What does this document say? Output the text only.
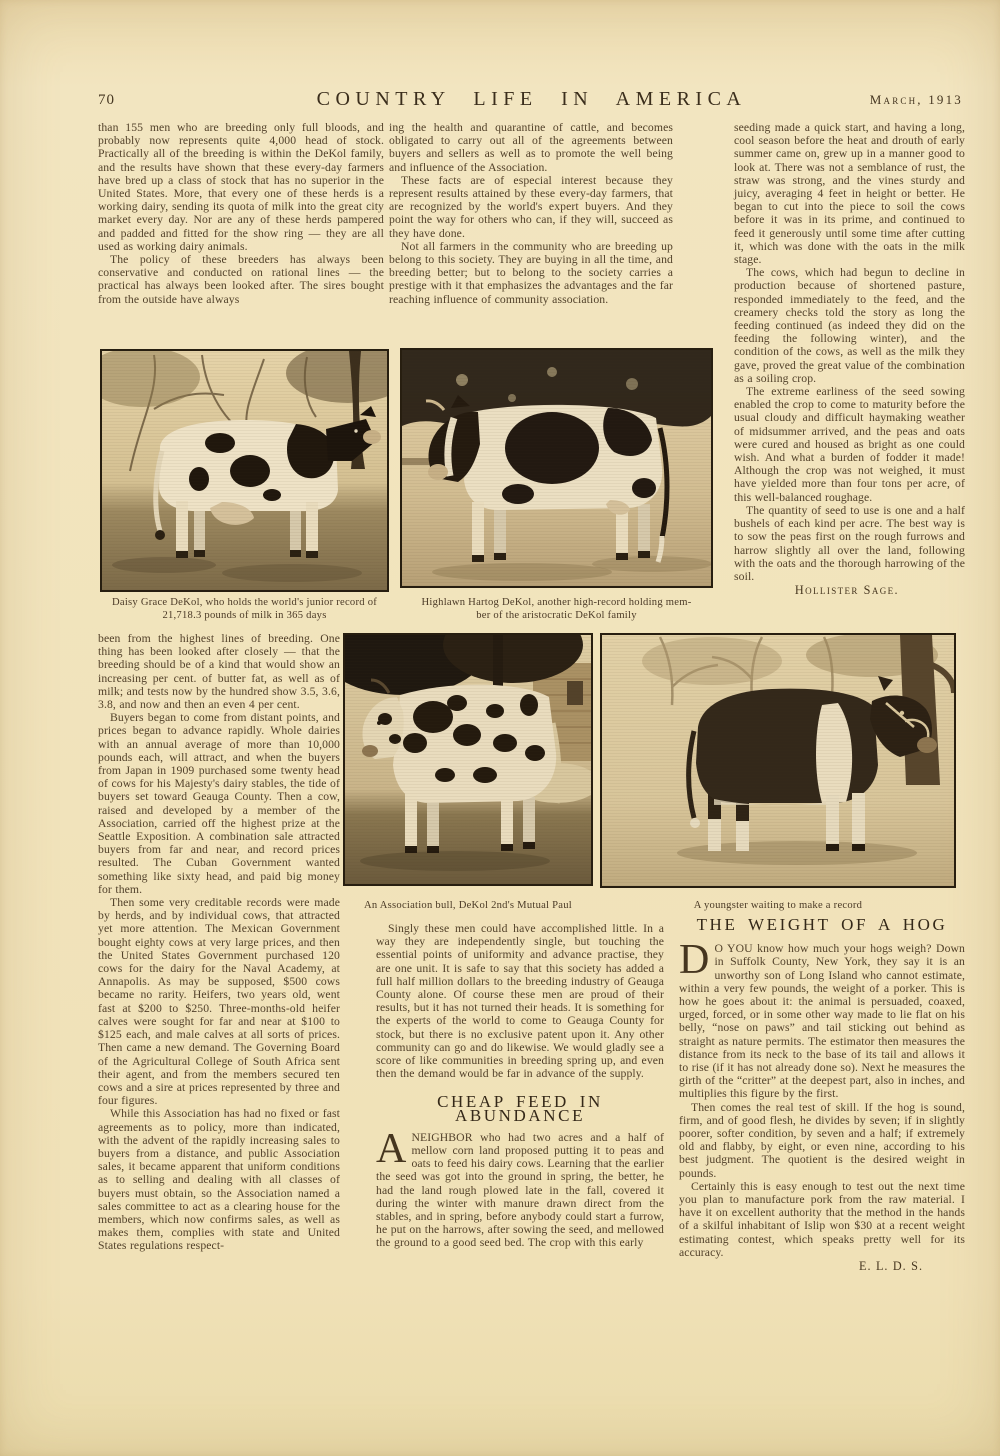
70	COUNTRY LIFE IN AMERICA	March, 1913

than 155 men who are breeding only full bloods, and probably now represents quite 4,000 head of stock. Practically all of the breeding is within the DeKol family, and the results have shown that these every-day farmers have bred up a class of stock that has no superior in the United States. More, that every one of these herds is a working dairy, sending its quota of milk into the great city market every day. Nor are any of these herds pampered and padded and fitted for the show ring — they are all used as working dairy animals.

The policy of these breeders has always been conservative and conducted on rational lines — the practical has always been looked after. The sires bought from the outside have always

ing the health and quarantine of cattle, and becomes obligated to carry out all of the agreements between buyers and sellers as well as to promote the well being and influence of the Association.

These facts are of especial interest because they represent results attained by these every-day farmers, that are recognized by the world's expert buyers. And they point the way for others who can, if they will, succeed as they have done.

Not all farmers in the community who are breeding up belong to this society. They are buying in all the time, and breeding better; but to belong to the society carries a prestige with it that emphasizes the advantages and the far reaching influence of community association.

seeding made a quick start, and having a long, cool season before the heat and drouth of early summer came on, grew up in a manner good to look at. There was not a semblance of rust, the straw was strong, and the vines sturdy and juicy, averaging 4 feet in height or better. He began to cut into the piece to soil the cows before it was in its prime, and continued to feed it generously until some time after cutting it, which was done with the oats in the milk stage.

The cows, which had begun to decline in production because of shortened pasture, responded immediately to the feed, and the creamery checks told the story as long the feeding continued (as indeed they did on the feeding the following winter), and the condition of the cows, as well as the milk they gave, proved the great value of the combination as a soiling crop.

The extreme earliness of the seed sowing enabled the crop to come to maturity before the usual cloudy and difficult haymaking weather of midsummer arrived, and the peas and oats were cured and housed as bright as one could wish. And what a burden of fodder it made! Although the crop was not weighed, it must have yielded more than four tons per acre, of this well-balanced roughage.

The quantity of seed to use is one and a half bushels of each kind per acre. The best way is to sow the peas first on the rough furrows and harrow slightly all over the land, following with the oats and the thorough harrowing of the soil.

Hollister Sage.
Daisy Grace DeKol, who holds the world's junior record of
21,718.3 pounds of milk in 365 days
Highlawn Hartog DeKol, another high-record holding mem-
ber of the aristocratic DeKol family

been from the highest lines of breeding. One thing has been looked after closely — that the breeding should be of a kind that would show an increasing per cent. of butter fat, as well as of milk; and tests now by the hundred show 3.5, 3.6, 3.8, and now and then an even 4 per cent.

Buyers began to come from distant points, and prices began to advance rapidly. Whole dairies with an annual average of more than 10,000 pounds each, will attract, and when the buyers from Japan in 1909 purchased some twenty head of cows for his Majesty's dairy stables, the tide of buyers set toward Geauga County. Then a cow, raised and developed by a member of the Association, carried off the highest prize at the Seattle Exposition. A combination sale attracted buyers from far and near, and record prices resulted. The Cuban Government wanted something like sixty head, and paid big money for them.

Then some very creditable records were made by herds, and by individual cows, that attracted yet more attention. The Mexican Government bought eighty cows at very large prices, and then the United States Government purchased 120 cows for the dairy for the Naval Academy, at Annapolis. As may be supposed, $500 cows became no rarity. Heifers, two years old, went fast at $200 to $250. Three-months-old heifer calves were sought for far and near at $100 to $125 each, and male calves at all sorts of prices. Then came a new demand. The Governing Board of the Agricultural College of South Africa sent their agent, and from the members secured ten cows and a sire at prices represented by three and four figures.

While this Association has had no fixed or fast agreements as to policy, more than indicated, with the advent of the rapidly increasing sales to buyers from a distance, and public Association sales, it became apparent that uniform conditions as to selling and dealing with all classes of buyers must obtain, so the Association named a sales committee to act as a clearing house for the members, which now confirms sales, as well as makes them, complies with state and United States regulations respect-

An Association bull, DeKol 2nd's Mutual Paul	A youngster waiting to make a record

Singly these men could have accomplished little. In a way they are independently single, but touching the essential points of uniformity and advance practise, they are one unit. It is safe to say that this society has added a full half million dollars to the breeding industry of Geauga County alone. Of course these men are proud of their results, but it has not turned their heads. It is something for the experts of the world to come to Geauga County for stock, but there is no exclusive patent upon it. Any other community can go and do likewise. We would gladly see a score of like communities in breeding spring up, and even then the demand would be far in advance of the supply.

CHEAP FEED IN ABUNDANCE

ANEIGHBOR who had two acres and a half of mellow corn land proposed putting it to peas and oats to feed his dairy cows. Learning that the earlier the seed was got into the ground in spring, the better, he had the land rough plowed late in the fall, covered it during the winter with manure drawn direct from the stables, and in spring, before anybody could start a furrow, he put on the harrows, after sowing the seed, and mellowed the ground to a good seed bed. The crop with this early

THE WEIGHT OF A HOG

D O YOU know how much your hogs weigh? Down in Suffolk County, New York, they say it is an unworthy son of Long Island who cannot estimate, within a very few pounds, the weight of a porker. This is how he goes about it: the animal is persuaded, coaxed, urged, forced, or in some other way made to lie flat on his belly, “nose on paws” and tail sticking out behind as straight as nature permits. The estimator then measures the distance from its neck to the base of its tail and allows it to rise (if it has not already done so). Next he measures the girth of the “critter” at the deepest part, also in inches, and multiplies this figure by the first.

Then comes the real test of skill. If the hog is sound, firm, and of good flesh, he divides by seven; if in slightly poorer, softer condition, by seven and a half; if extremely old and flabby, by eight, or even nine, according to his best judgment. The quotient is the desired weight in pounds.

Certainly this is easy enough to test out the next time you plan to manufacture pork from the raw material. I have it on excellent authority that the method in the hands of a skilful inhabitant of Islip won $30 at a recent weight estimating contest, which speaks pretty well for its accuracy.

E. L. D. S.
